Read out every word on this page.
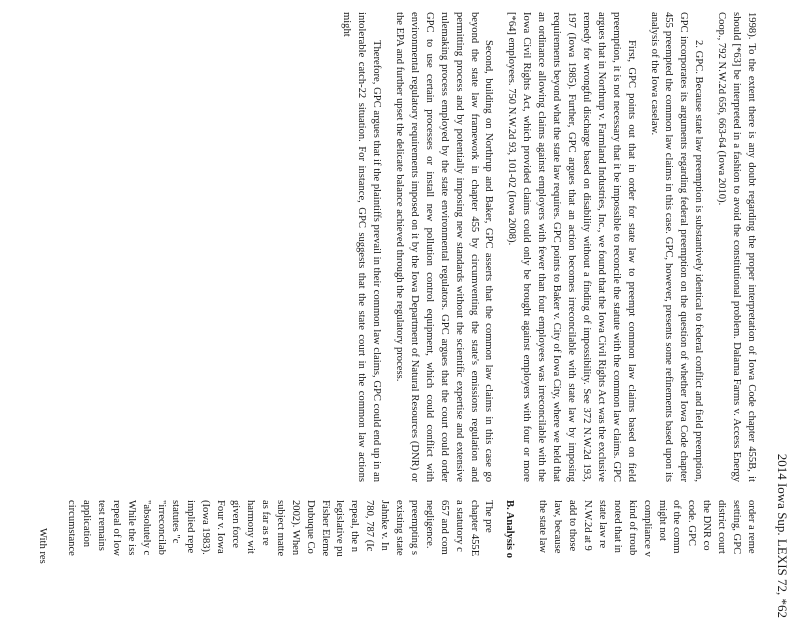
2014 Iowa Sup. LEXIS 72, *62

1998). To the extent there is any doubt regarding the proper interpretation of Iowa Code chapter 455B, it should [*63] be interpreted in a fashion to avoid the constitutional problem. Dalarna Farms v. Access Energy Coop., 792 N.W.2d 656, 663-64 (Iowa 2010).

2. GPC. Because state law preemption is substantively identical to federal conflict and field preemption, GPC incorporates its arguments regarding federal preemption on the question of whether Iowa Code chapter 455 preempted the common law claims in this case. GPC, however, presents some refinements based upon its analysis of the Iowa caselaw.

First, GPC points out that in order for state law to preempt common law claims based on field preemption, it is not necessary that it be impossible to reconcile the statute with the common law claims. GPC argues that in Northrup v. Farmland Industries, Inc., we found that the Iowa Civil Rights Act was the exclusive remedy for wrongful discharge based on disability without a finding of impossibility. See 372 N.W.2d 193, 197 (Iowa 1985). Further, GPC argues that an action becomes irreconcilable with state law by imposing requirements beyond what the state law requires. GPC points to Baker v. City of Iowa City, where we held that an ordinance allowing claims against employers with fewer than four employees was irreconcilable with the Iowa Civil Rights Act, which provided claims could only be brought against employers with four or more [*64] employees. 750 N.W.2d 93, 101-02 (Iowa 2008).

Second, building on Northrup and Baker, GPC asserts that the common law claims in this case go beyond the state law framework in chapter 455 by circumventing the state's emissions regulation and permitting process and by potentially imposing new standards without the scientific expertise and extensive rulemaking process employed by the state environmental regulators. GPC argues that the court could order GPC to use certain processes or install new pollution control equipment, which could conflict with environmental regulatory requirements imposed on it by the Iowa Department of Natural Resources (DNR) or the EPA and further upset the delicate balance achieved through the regulatory process.

Therefore, GPC argues that if the plaintiffs prevail in their common law claims, GPC could end up in an intolerable catch-22 situation. For instance, GPC suggests that the state court in the common law actions might

order a reme
setting, GPC
district court
the DNR co
code. GPC
of the comm
might not
compliance v
kind of troub
noted that in
state law re
N.W.2d at 9
add to those
law, because
the state law
B. Analysis o
The pre
chapter 455E
a statutory c
657 and com
negligence.
preempting s
existing state
Jahnke v. In
780, 787 (Ic
repeal, the n
legislative pu
Fisher Eleme
Dubuque Co
2002). When
subject matte
as far as re
harmony wit
given force
Four v. Iowa
(Iowa 1983).
implied repe
statutes "c
"irreconcilab
"absolutely c
While the iss
repeal of low
test remains
application
circumstance
With res
